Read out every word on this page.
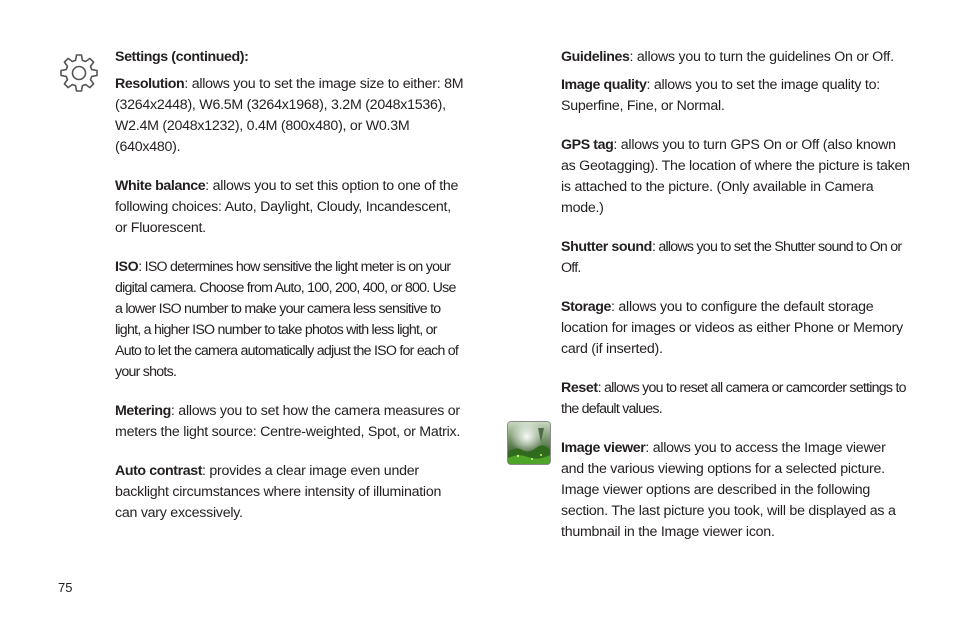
Settings (continued):

Resolution: allows you to set the image size to either: 8M (3264x2448), W6.5M (3264x1968), 3.2M (2048x1536), W2.4M (2048x1232), 0.4M (800x480), or W0.3M (640x480).

White balance: allows you to set this option to one of the following choices: Auto, Daylight, Cloudy, Incandescent, or Fluorescent.

ISO: ISO determines how sensitive the light meter is on your digital camera. Choose from Auto, 100, 200, 400, or 800. Use a lower ISO number to make your camera less sensitive to light, a higher ISO number to take photos with less light, or Auto to let the camera automatically adjust the ISO for each of your shots.

Metering: allows you to set how the camera measures or meters the light source: Centre-weighted, Spot, or Matrix.

Auto contrast: provides a clear image even under backlight circumstances where intensity of illumination can vary excessively.

Guidelines: allows you to turn the guidelines On or Off.

Image quality: allows you to set the image quality to: Superfine, Fine, or Normal.

GPS tag: allows you to turn GPS On or Off (also known as Geotagging). The location of where the picture is taken is attached to the picture. (Only available in Camera mode.)

Shutter sound: allows you to set the Shutter sound to On or Off.

Storage: allows you to configure the default storage location for images or videos as either Phone or Memory card (if inserted).

Reset: allows you to reset all camera or camcorder settings to the default values.

Image viewer: allows you to access the Image viewer and the various viewing options for a selected picture. Image viewer options are described in the following section. The last picture you took, will be displayed as a thumbnail in the Image viewer icon.

75
